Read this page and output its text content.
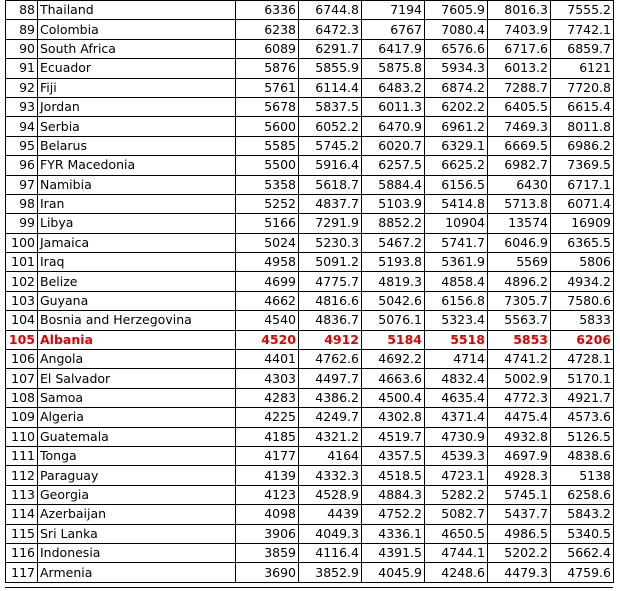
88	Thailand	6336	6744.8	7194	7605.9	8016.3	7555.2
89	Colombia	6238	6472.3	6767	7080.4	7403.9	7742.1
90	South Africa	6089	6291.7	6417.9	6576.6	6717.6	6859.7
91	Ecuador	5876	5855.9	5875.8	5934.3	6013.2	6121
92	Fiji	5761	6114.4	6483.2	6874.2	7288.7	7720.8
93	Jordan	5678	5837.5	6011.3	6202.2	6405.5	6615.4
94	Serbia	5600	6052.2	6470.9	6961.2	7469.3	8011.8
95	Belarus	5585	5745.2	6020.7	6329.1	6669.5	6986.2
96	FYR Macedonia	5500	5916.4	6257.5	6625.2	6982.7	7369.5
97	Namibia	5358	5618.7	5884.4	6156.5	6430	6717.1
98	Iran	5252	4837.7	5103.9	5414.8	5713.8	6071.4
99	Libya	5166	7291.9	8852.2	10904	13574	16909
100	Jamaica	5024	5230.3	5467.2	5741.7	6046.9	6365.5
101	Iraq	4958	5091.2	5193.8	5361.9	5569	5806
102	Belize	4699	4775.7	4819.3	4858.4	4896.2	4934.2
103	Guyana	4662	4816.6	5042.6	6156.8	7305.7	7580.6
104	Bosnia and Herzegovina	4540	4836.7	5076.1	5323.4	5563.7	5833
105	Albania	4520	4912	5184	5518	5853	6206
106	Angola	4401	4762.6	4692.2	4714	4741.2	4728.1
107	El Salvador	4303	4497.7	4663.6	4832.4	5002.9	5170.1
108	Samoa	4283	4386.2	4500.4	4635.4	4772.3	4921.7
109	Algeria	4225	4249.7	4302.8	4371.4	4475.4	4573.6
110	Guatemala	4185	4321.2	4519.7	4730.9	4932.8	5126.5
111	Tonga	4177	4164	4357.5	4539.3	4697.9	4838.6
112	Paraguay	4139	4332.3	4518.5	4723.1	4928.3	5138
113	Georgia	4123	4528.9	4884.3	5282.2	5745.1	6258.6
114	Azerbaijan	4098	4439	4752.2	5082.7	5437.7	5843.2
115	Sri Lanka	3906	4049.3	4336.1	4650.5	4986.5	5340.5
116	Indonesia	3859	4116.4	4391.5	4744.1	5202.2	5662.4
117	Armenia	3690	3852.9	4045.9	4248.6	4479.3	4759.6
